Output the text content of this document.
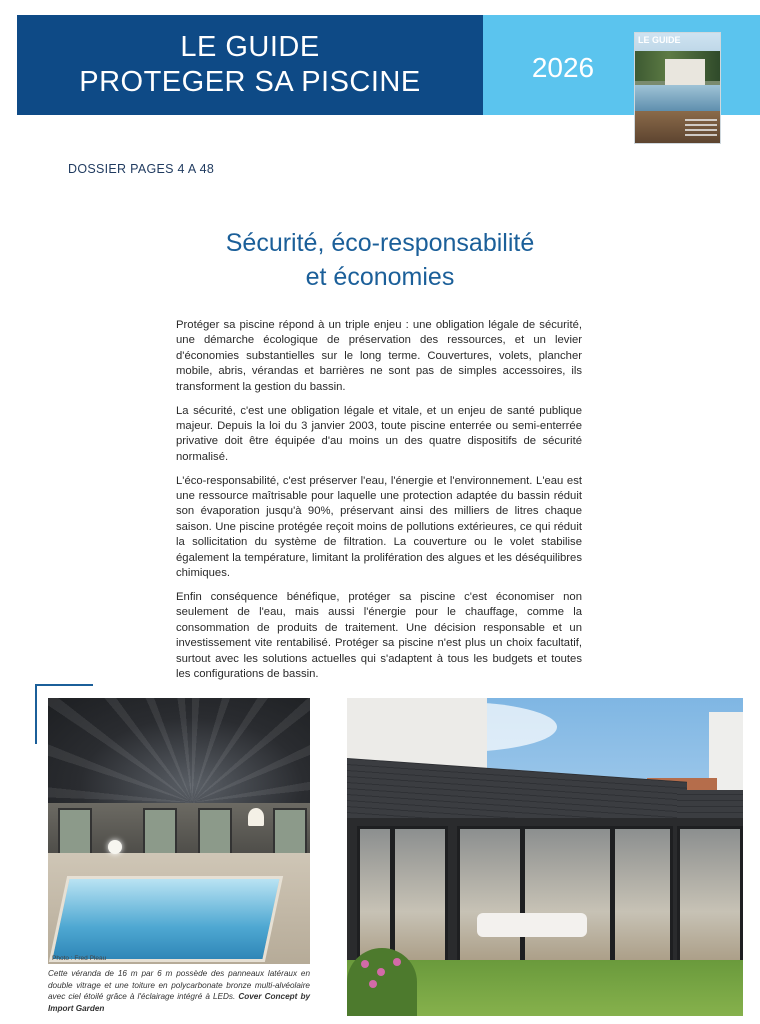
LE GUIDE
PROTEGER SA PISCINE	2026
LE GUIDE
DOSSIER PAGES 4 A 48
Sécurité, éco-responsabilité
et économies

Protéger sa piscine répond à un triple enjeu : une obligation légale de sécurité, une démarche écologique de préservation des ressources, et un levier d'économies substantielles sur le long terme. Couvertures, volets, plancher mobile, abris, vérandas et barrières ne sont pas de simples accessoires, ils transforment la gestion du bassin.

La sécurité, c'est une obligation légale et vitale, et un enjeu de santé publique majeur. Depuis la loi du 3 janvier 2003, toute piscine enterrée ou semi-enterrée privative doit être équipée d'au moins un des quatre dispositifs de sécurité normalisé.

L'éco-responsabilité, c'est préserver l'eau, l'énergie et l'environnement. L'eau est une ressource maîtrisable pour laquelle une protection adaptée du bassin réduit son évaporation jusqu'à 90%, préservant ainsi des milliers de litres chaque saison. Une piscine protégée reçoit moins de pollutions extérieures, ce qui réduit la sollicitation du système de filtration. La couverture ou le volet stabilise également la température, limitant la prolifération des algues et les déséquilibres chimiques.

Enfin conséquence bénéfique, protéger sa piscine c'est économiser non seulement de l'eau, mais aussi l'énergie pour le chauffage, comme la consommation de produits de traitement. Une décision responsable et un investissement vite rentabilisé. Protéger sa piscine n'est plus un choix facultatif, surtout avec les solutions actuelles qui s'adaptent à tous les budgets et toutes les configurations de bassin.

Photo : Fred Pleau
Cette véranda de 16 m par 6 m possède des panneaux latéraux en double vitrage et une toiture en polycarbonate bronze multi-alvéolaire avec ciel étoilé grâce à l'éclairage intégré à LEDs. Cover Concept by Import Garden
